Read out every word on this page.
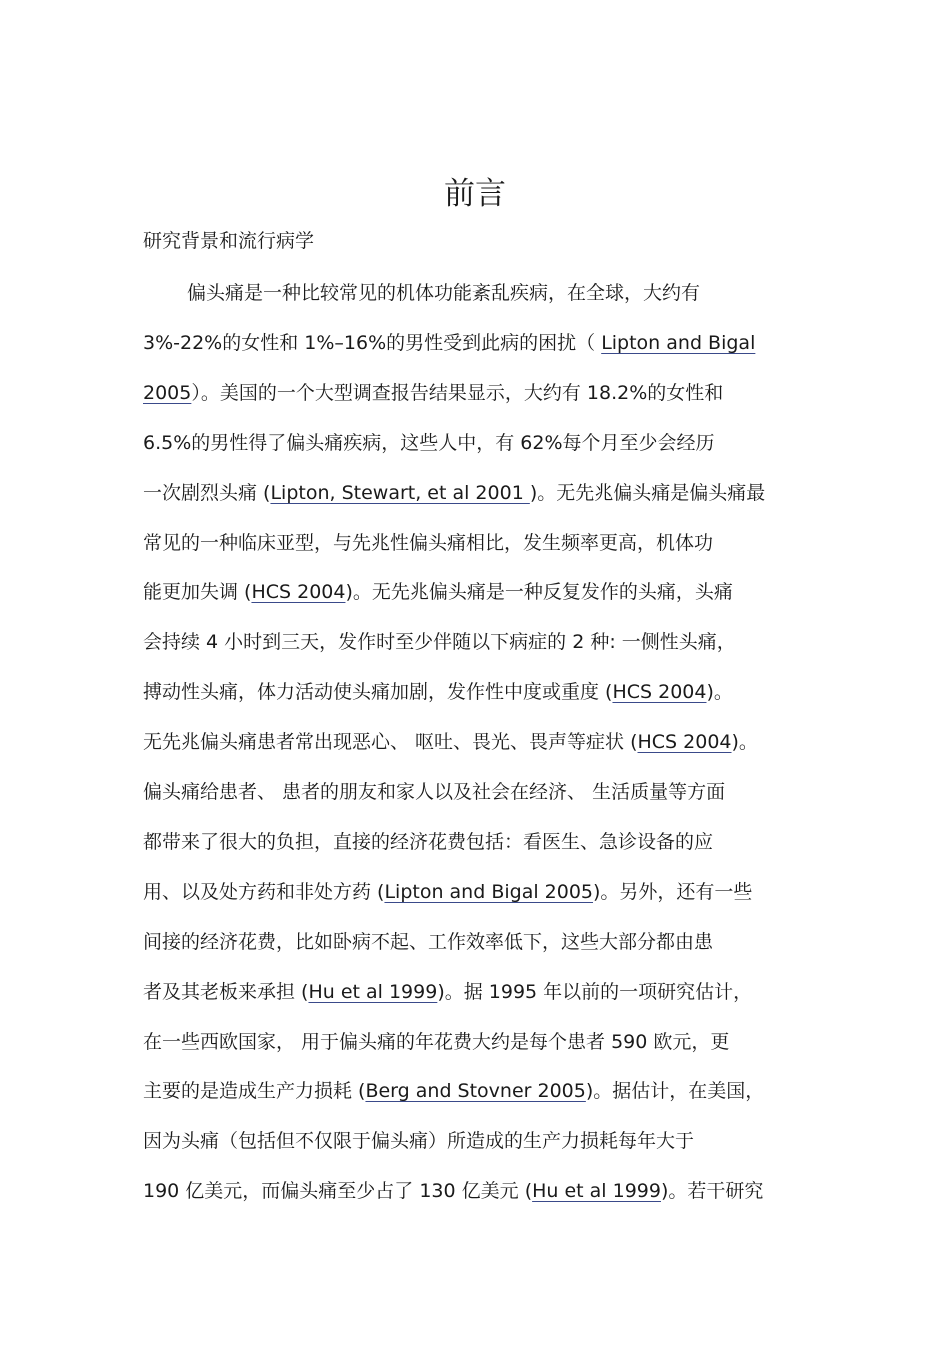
前言
研究背景和流行病学
偏头痛是一种比较常见的机体功能紊乱疾病，在全球，大约有
3%-22%的女性和 1%–16%的男性受到此病的困扰（ Lipton and Bigal
2005）。美国的一个大型调查报告结果显示，大约有 18.2%的女性和
6.5%的男性得了偏头痛疾病，这些人中，有 62%每个月至少会经历
一次剧烈头痛 (Lipton, Stewart, et al 2001 )。无先兆偏头痛是偏头痛最
常见的一种临床亚型，与先兆性偏头痛相比，发生频率更高，机体功
能更加失调 (HCS 2004)。无先兆偏头痛是一种反复发作的头痛，头痛
会持续 4 小时到三天，发作时至少伴随以下病症的 2 种: 一侧性头痛，
搏动性头痛，体力活动使头痛加剧，发作性中度或重度 (HCS 2004)。
无先兆偏头痛患者常出现恶心、 呕吐、畏光、畏声等症状 (HCS 2004)。
偏头痛给患者、 患者的朋友和家人以及社会在经济、 生活质量等方面
都带来了很大的负担，直接的经济花费包括：看医生、急诊设备的应
用、以及处方药和非处方药 (Lipton and Bigal 2005)。另外，还有一些
间接的经济花费，比如卧病不起、工作效率低下，这些大部分都由患
者及其老板来承担 (Hu et al 1999)。据 1995 年以前的一项研究估计，
在一些西欧国家， 用于偏头痛的年花费大约是每个患者 590 欧元，更
主要的是造成生产力损耗 (Berg and Stovner 2005)。据估计，在美国，
因为头痛（包括但不仅限于偏头痛）所造成的生产力损耗每年大于
190 亿美元，而偏头痛至少占了 130 亿美元 (Hu et al 1999)。若干研究
